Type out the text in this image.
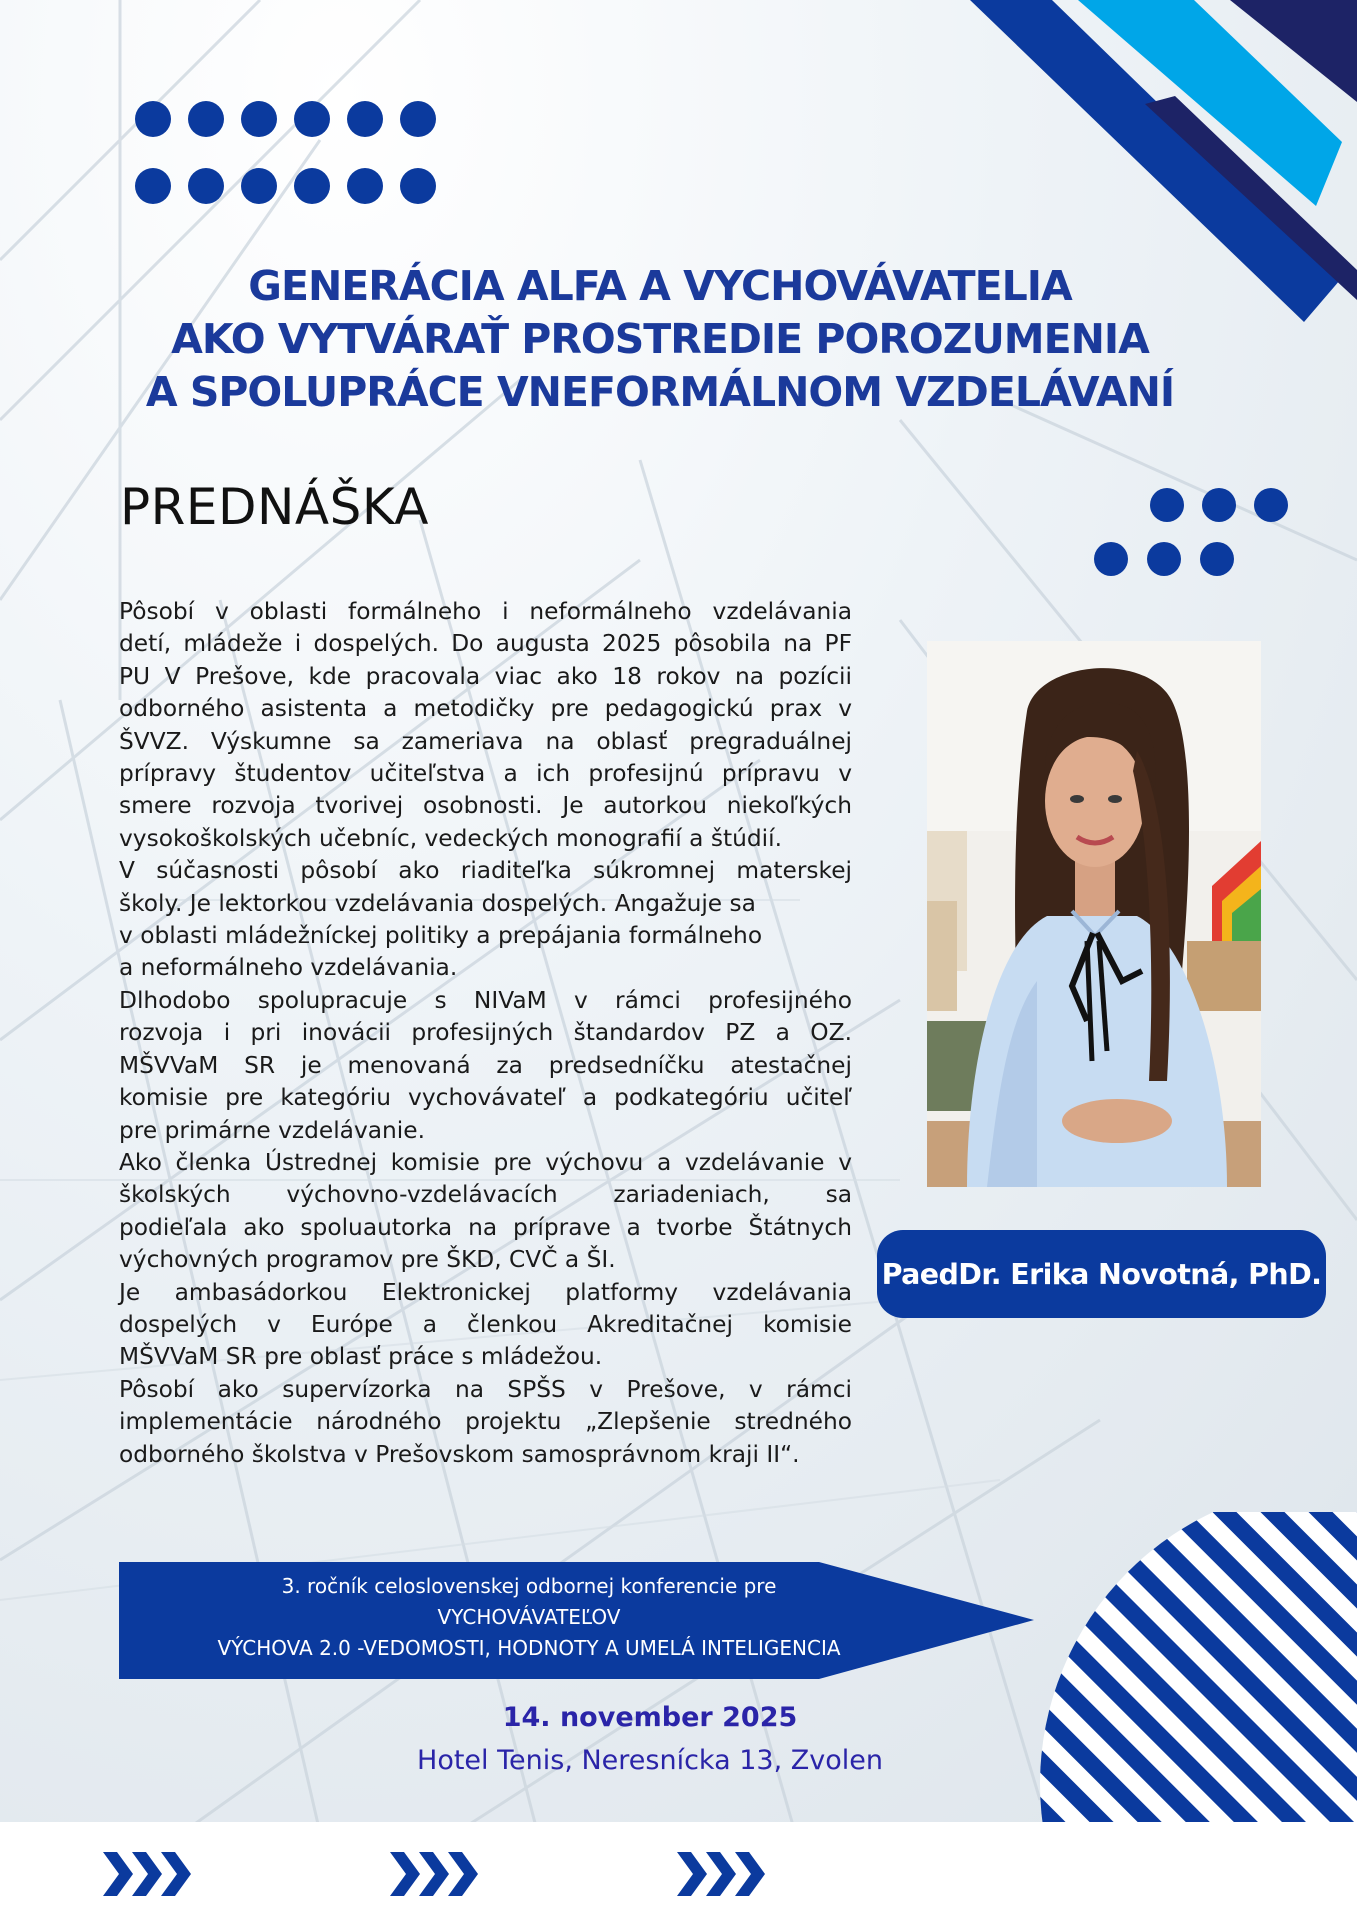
GENERÁCIA ALFA A VYCHOVÁVATELIA
AKO VYTVÁRAŤ PROSTREDIE POROZUMENIA
A SPOLUPRÁCE VNEFORMÁLNOM VZDELÁVANÍ
PREDNÁŠKA

Pôsobí v oblasti formálneho i neformálneho vzdelávania

detí, mládeže i dospelých. Do augusta 2025 pôsobila na PF

PU V Prešove, kde pracovala viac ako 18 rokov na pozícii

odborného asistenta a metodičky pre pedagogickú prax v

ŠVVZ. Výskumne sa zameriava na oblasť pregraduálnej

prípravy študentov učiteľstva a ich profesijnú prípravu v

smere rozvoja tvorivej osobnosti. Je autorkou niekoľkých

vysokoškolských učebníc, vedeckých monografií a štúdií.

V súčasnosti pôsobí ako riaditeľka súkromnej materskej

školy. Je lektorkou vzdelávania dospelých. Angažuje sa

v oblasti mládežníckej politiky a prepájania formálneho

a neformálneho vzdelávania.

Dlhodobo spolupracuje s NIVaM v rámci profesijného

rozvoja i pri inovácii profesijných štandardov PZ a OZ.

MŠVVaM SR je menovaná za predsedníčku atestačnej

komisie pre kategóriu vychovávateľ a podkategóriu učiteľ

pre primárne vzdelávanie.

Ako členka Ústrednej komisie pre výchovu a vzdelávanie v

školských výchovno-vzdelávacích zariadeniach, sa

podieľala ako spoluautorka na príprave a tvorbe Štátnych

výchovných programov pre ŠKD, CVČ a ŠI.

Je ambasádorkou Elektronickej platformy vzdelávania

dospelých v Európe a členkou Akreditačnej komisie

MŠVVaM SR pre oblasť práce s mládežou.

Pôsobí ako supervízorka na SPŠS v Prešove, v rámci

implementácie národného projektu „Zlepšenie stredného

odborného školstva v Prešovskom samosprávnom kraji II“.

PaedDr. Erika Novotná, PhD.
3. ročník celoslovenskej odbornej konferencie pre
VYCHOVÁVATEĽOV
VÝCHOVA 2.0 -VEDOMOSTI, HODNOTY A UMELÁ INTELIGENCIA
14. november 2025
Hotel Tenis, Neresnícka 13, Zvolen
